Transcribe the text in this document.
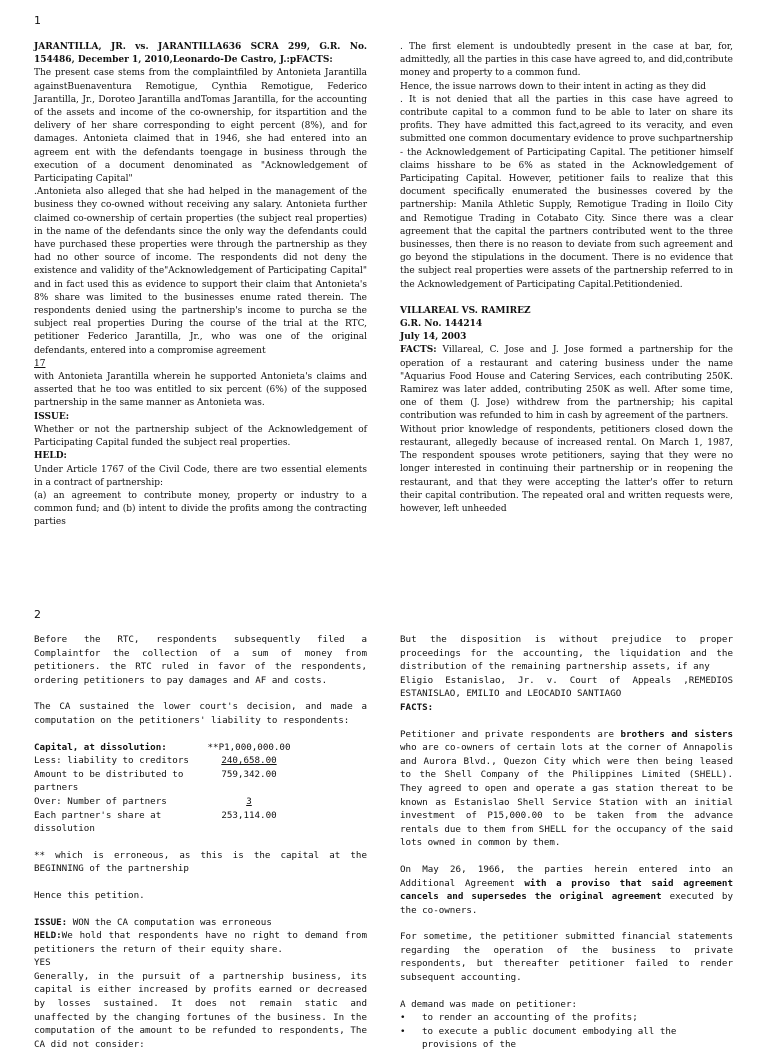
1
JARANTILLA, JR. vs. JARANTILLA636 SCRA 299, G.R. No. 154486, December 1, 2010,Leonardo-De Castro, J.:pFACTS:
The present case stems from the complaintfiled by Antonieta Jarantilla againstBuenaventura Remotigue, Cynthia Remotigue, Federico Jarantilla, Jr., Doroteo Jarantilla andTomas Jarantilla, for the accounting of the assets and income of the co-ownership, for itspartition and the delivery of her share corresponding to eight percent (8%), and for damages. Antonieta claimed that in 1946, she had entered into an agreem ent with the defendants toengage in business through the execution of a document denominated as "Acknowledgement of Participating Capital"
.Antonieta also alleged that she had helped in the management of the business they co-owned without receiving any salary. Antonieta further claimed co-ownership of certain properties (the subject real properties) in the name of the defendants since the only way the defendants could have purchased these properties were through the partnership as they had no other source of income. The respondents did not deny the existence and validity of the"Acknowledgement of Participating Capital" and in fact used this as evidence to support their claim that Antonieta's 8% share was limited to the businesses enume rated therein. The respondents denied using the partnership's income to purcha se the subject real properties During the course of the trial at the RTC, petitioner Federico Jarantilla, Jr., who was one of the original defendants, entered into a compromise agreement
17
with Antonieta Jarantilla wherein he supported Antonieta's claims and asserted that he too was entitled to six percent (6%) of the supposed partnership in the same manner as Antonieta was.
ISSUE:
Whether or not the partnership subject of the Acknowledgement of Participating Capital funded the subject real properties.
HELD:
Under Article 1767 of the Civil Code, there are two essential elements in a contract of partnership:
(a) an agreement to contribute money, property or industry to a common fund; and (b) intent to divide the profits among the contracting parties
. The first element is undoubtedly present in the case at bar, for, admittedly, all the parties in this case have agreed to, and did,contribute money and property to a common fund.
Hence, the issue narrows down to their intent in acting as they did
. It is not denied that all the parties in this case have agreed to contribute capital to a common fund to be able to later on share its profits. They have admitted this fact,agreed to its veracity, and even submitted one common documentary evidence to prove suchpartnership - the Acknowledgement of Participating Capital. The petitioner himself claims hisshare to be 6% as stated in the Acknowledgement of Participating Capital. However, petitioner fails to realize that this document specifically enumerated the businesses covered by the partnership: Manila Athletic Supply, Remotigue Trading in Iloilo City and Remotigue Trading in Cotabato City. Since there was a clear agreement that the capital the partners contributed went to the three businesses, then there is no reason to deviate from such agreement and go beyond the stipulations in the document. There is no evidence that the subject real properties were assets of the partnership referred to in the Acknowledgement of Participating Capital.Petitiondenied.
VILLAREAL VS. RAMIREZ
G.R. No. 144214
July 14, 2003
FACTS: Villareal, C. Jose and J. Jose formed a partnership for the operation of a restaurant and catering business under the name "Aquarius Food House and Catering Services, each contributing 250K. Ramirez was later added, contributing 250K as well. After some time, one of them (J. Jose) withdrew from the partnership; his capital contribution was refunded to him in cash by agreement of the partners.
Without prior knowledge of respondents, petitioners closed down the restaurant, allegedly because of increased rental. On March 1, 1987, The respondent spouses wrote petitioners, saying that they were no longer interested in continuing their partnership or in reopening the restaurant, and that they were accepting the latter's offer to return their capital contribution. The repeated oral and written requests were, however, left unheeded
2
Before the RTC, respondents subsequently filed a Complaintfor the collection of a sum of money from petitioners. the RTC ruled in favor of the respondents, ordering petitioners to pay damages and AF and costs.
The CA sustained the lower court's decision, and made a computation on the petitioners' liability to respondents:
Capital, at dissolution:	**P1,000,000.00
Less: liability to creditors	240,658.00
Amount to be distributed to partners
759,342.00
Over: Number of partners	3
Each partner's share at dissolution
253,114.00
** which is erroneous, as this is the capital at the BEGINNING of the partnership
Hence this petition.
ISSUE: WON the CA computation was erroneous
HELD:We hold that respondents have no right to demand from petitioners the return of their equity share.
YES
Generally, in the pursuit of a partnership business, its capital is either increased by profits earned or decreased by losses sustained. It does not remain static and unaffected by the changing fortunes of the business. In the computation of the amount to be refunded to respondents, The CA did not consider:
But the disposition is without prejudice to proper proceedings for the accounting, the liquidation and the distribution of the remaining partnership assets, if any
Eligio Estanislao, Jr. v. Court of Appeals ,REMEDIOS ESTANISLAO, EMILIO and LEOCADIO SANTIAGO
FACTS:
Petitioner and private respondents are brothers and sisters who are co-owners of certain lots at the corner of Annapolis and Aurora Blvd., Quezon City which were then being leased to the Shell Company of the Philippines Limited (SHELL). They agreed to open and operate a gas station thereat to be known as Estanislao Shell Service Station with an initial investment of P15,000.00 to be taken from the advance rentals due to them from SHELL for the occupancy of the said lots owned in common by them.
On May 26, 1966, the parties herein entered into an Additional Agreement with a proviso that said agreement cancels and supersedes the original agreement executed by the co-owners.
For sometime, the petitioner submitted financial statements regarding the operation of the business to private respondents, but thereafter petitioner failed to render subsequent accounting.
A demand was made on petitioner:
• to render an accounting of the profits;
• to execute a public document embodying all the provisions of the
